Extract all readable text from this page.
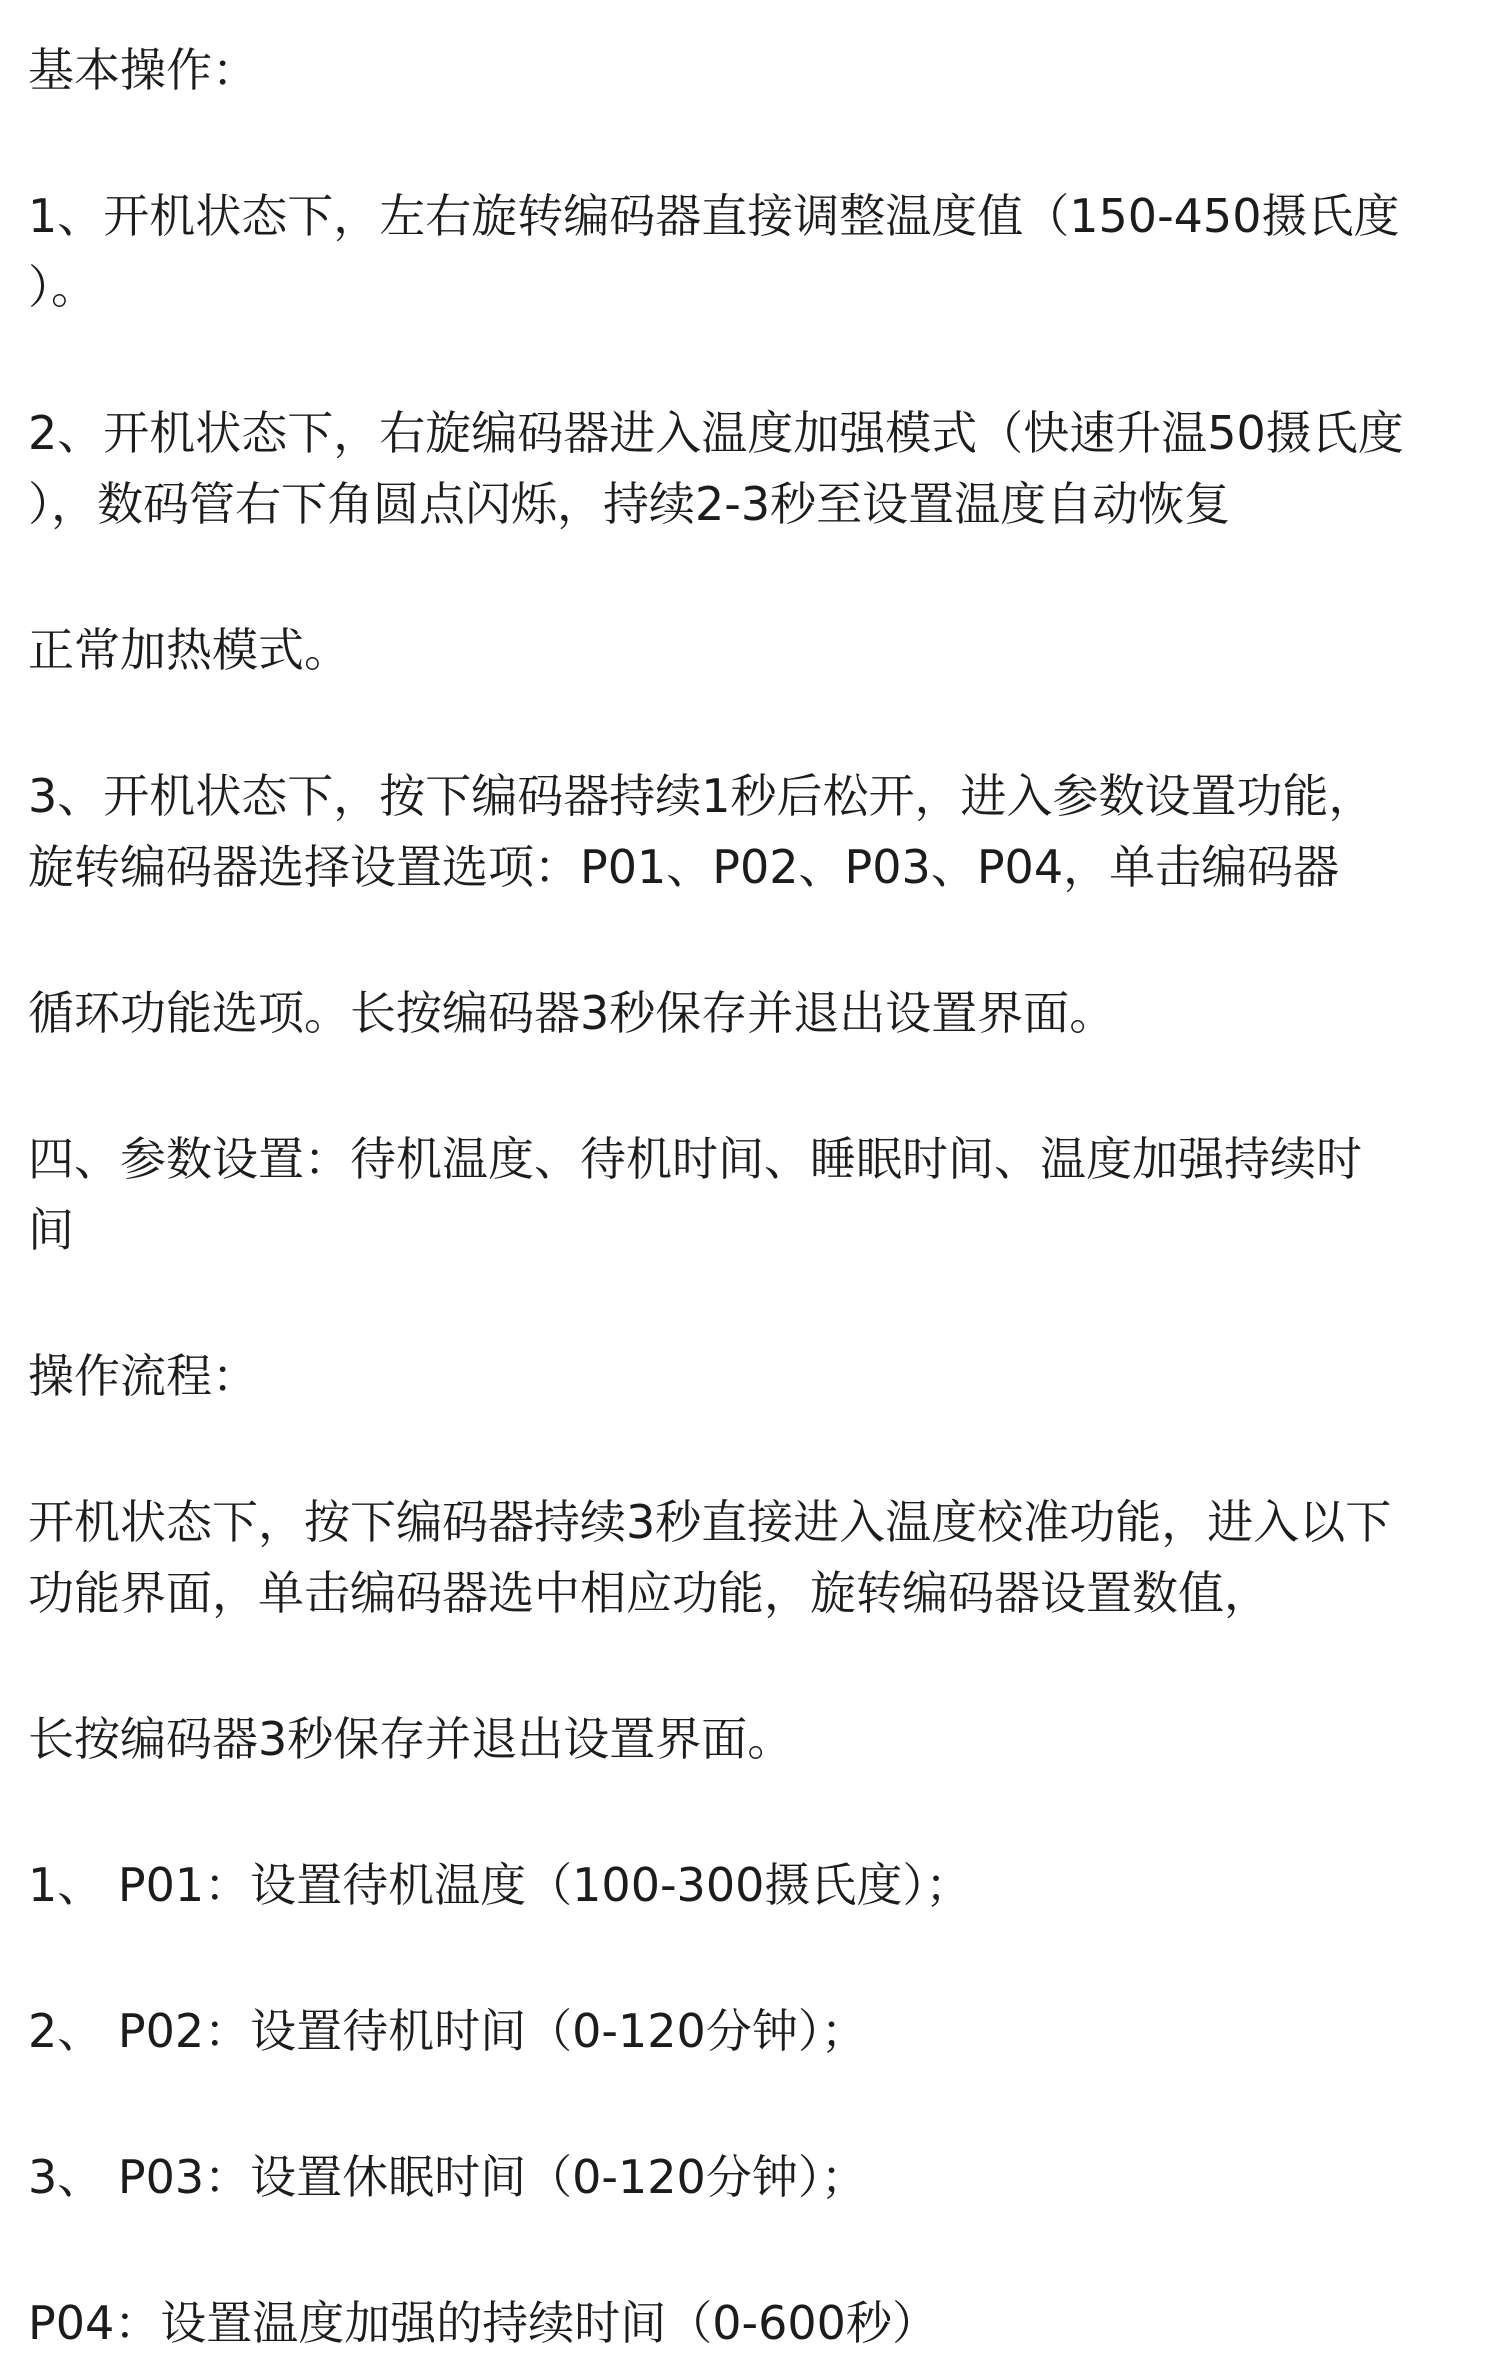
基本操作：

1、开机状态下，左右旋转编码器直接调整温度值（150-450摄氏度

）。

2、开机状态下，右旋编码器进入温度加强模式（快速升温50摄氏度

），数码管右下角圆点闪烁，持续2-3秒至设置温度自动恢复

正常加热模式。

3、开机状态下，按下编码器持续1秒后松开，进入参数设置功能，

旋转编码器选择设置选项：P01、P02、P03、P04，单击编码器

循环功能选项。长按编码器3秒保存并退出设置界面。

四、参数设置：待机温度、待机时间、睡眠时间、温度加强持续时

间

操作流程：

开机状态下，按下编码器持续3秒直接进入温度校准功能，进入以下

功能界面，单击编码器选中相应功能，旋转编码器设置数值，

长按编码器3秒保存并退出设置界面。

1、 P01：设置待机温度（100-300摄氏度）；

2、 P02：设置待机时间（0-120分钟）；

3、 P03：设置休眠时间（0-120分钟）；

P04：设置温度加强的持续时间（0-600秒）
